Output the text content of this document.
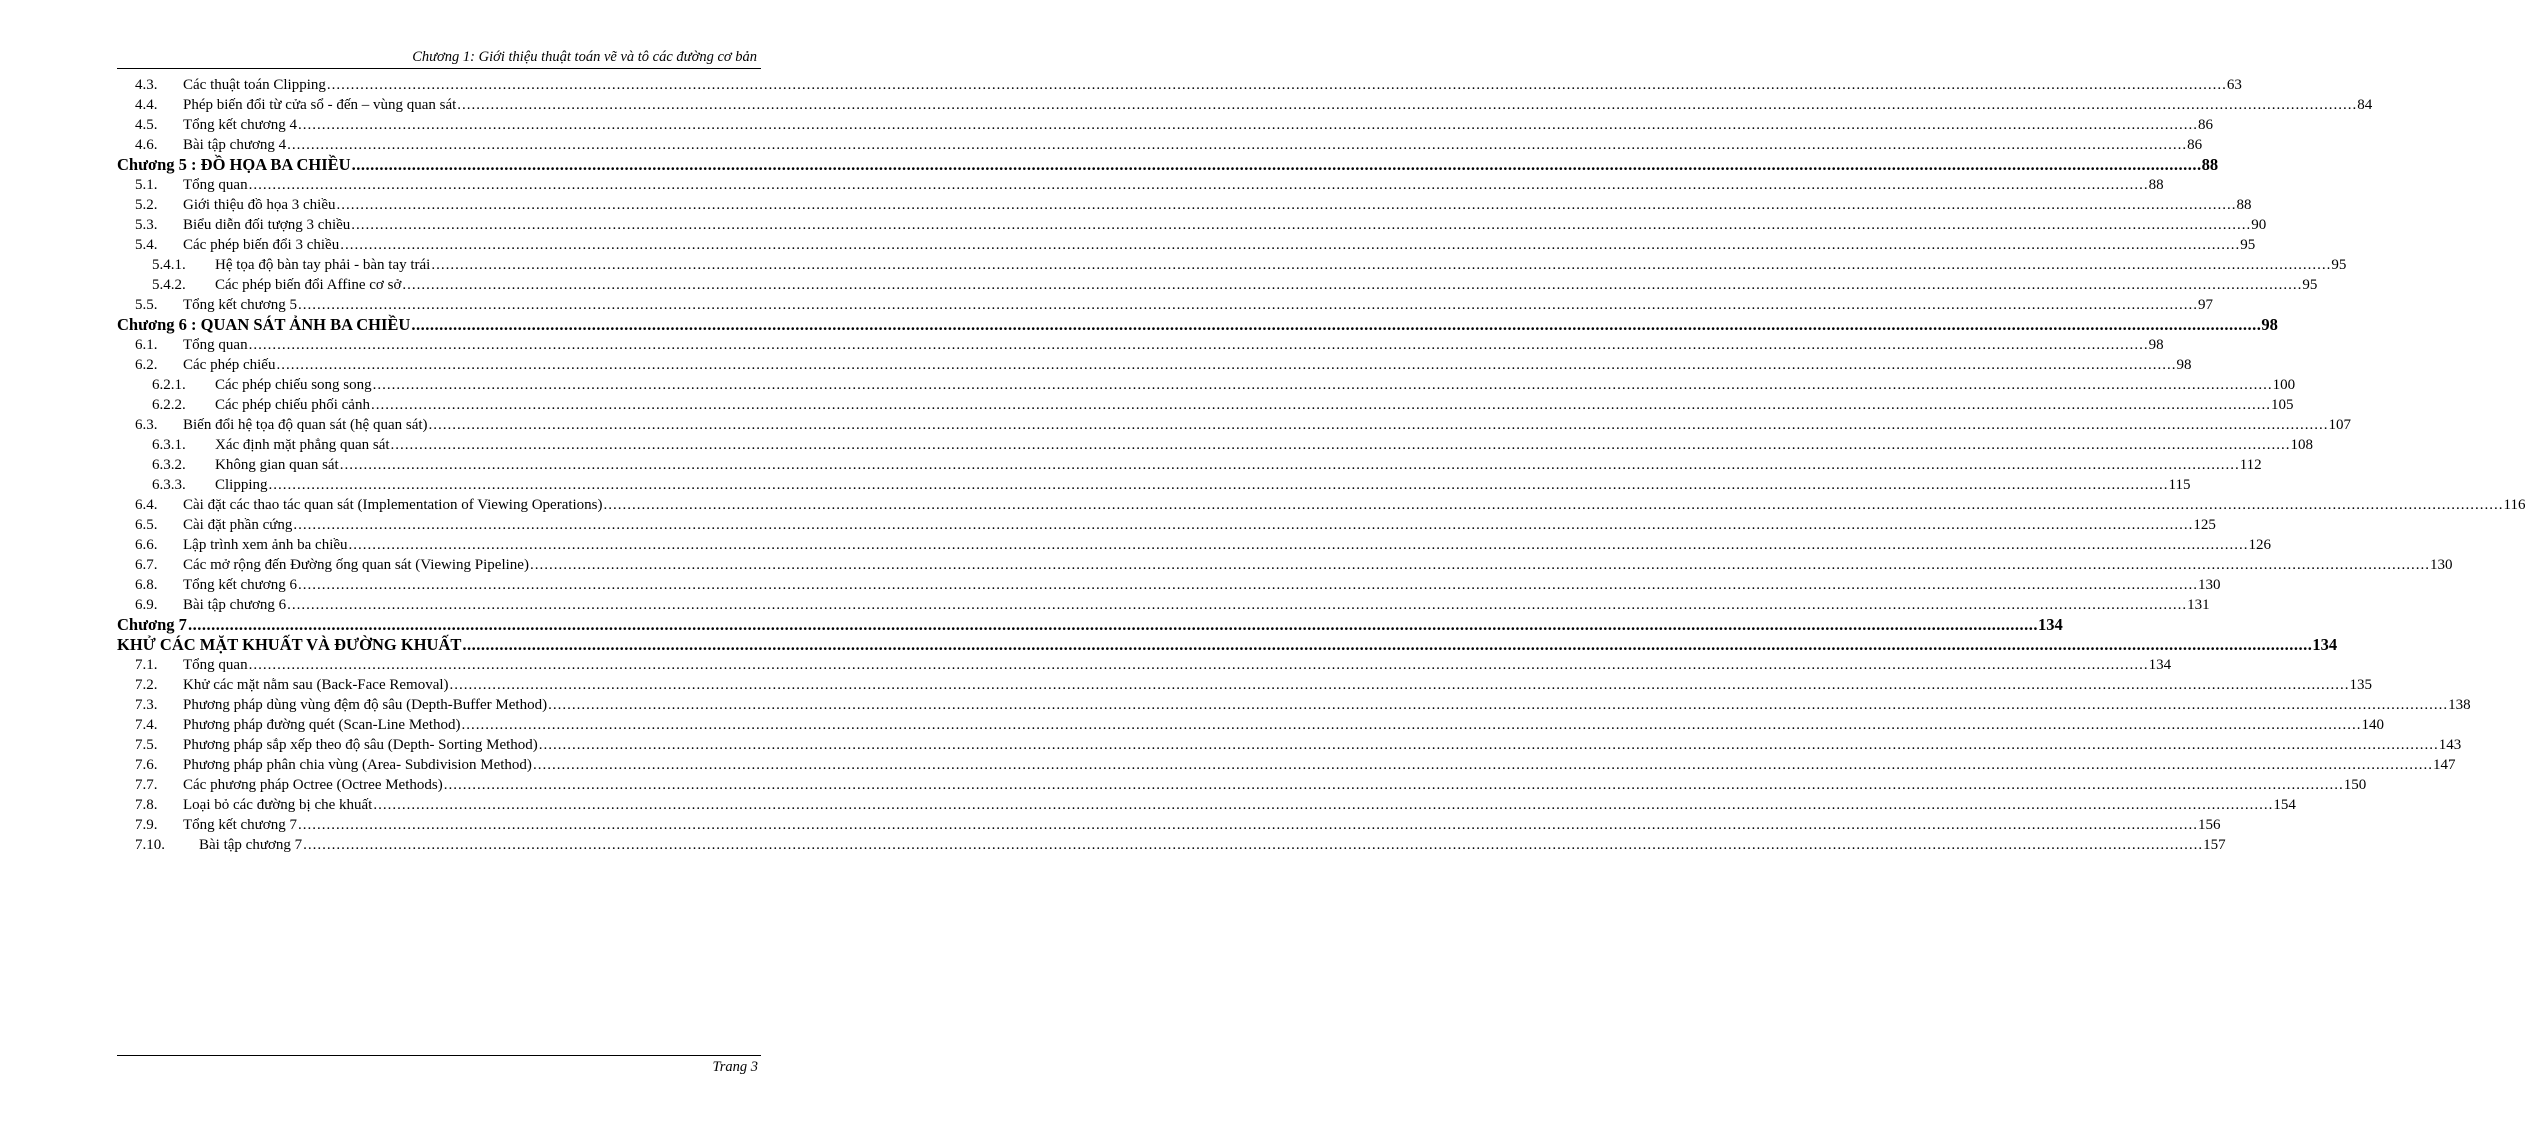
Chương 1: Giới thiệu thuật toán vẽ và tô các đường cơ bản
4.3. Các thuật toán Clipping ................................................................................................................................................................................................................................................................................................................................................................................................................ 63
4.4. Phép biến đổi từ cửa sổ - đến – vùng quan sát ................................................................................................................................................................................................................................................................................................................................................................................................................ 84
4.5. Tổng kết chương 4 ................................................................................................................................................................................................................................................................................................................................................................................................................ 86
4.6. Bài tập chương 4 ................................................................................................................................................................................................................................................................................................................................................................................................................ 86
Chương 5 : ĐỒ HỌA BA CHIỀU ................................................................................................................................................................................................................................................................................................................................................................................................................ 88
5.1. Tổng quan ................................................................................................................................................................................................................................................................................................................................................................................................................ 88
5.2. Giới thiệu đồ họa 3 chiều ................................................................................................................................................................................................................................................................................................................................................................................................................ 88
5.3. Biểu diễn đối tượng 3 chiều ................................................................................................................................................................................................................................................................................................................................................................................................................ 90
5.4. Các phép biến đổi 3 chiều ................................................................................................................................................................................................................................................................................................................................................................................................................ 95
5.4.1. Hệ tọa độ bàn tay phải - bàn tay trái ................................................................................................................................................................................................................................................................................................................................................................................................................ 95
5.4.2. Các phép biến đổi Affine cơ sở ................................................................................................................................................................................................................................................................................................................................................................................................................ 95
5.5. Tổng kết chương 5 ................................................................................................................................................................................................................................................................................................................................................................................................................ 97
Chương 6 : QUAN SÁT ẢNH BA CHIỀU ................................................................................................................................................................................................................................................................................................................................................................................................................ 98
6.1. Tổng quan ................................................................................................................................................................................................................................................................................................................................................................................................................ 98
6.2. Các phép chiếu ................................................................................................................................................................................................................................................................................................................................................................................................................ 98
6.2.1. Các phép chiếu song song ................................................................................................................................................................................................................................................................................................................................................................................................................ 100
6.2.2. Các phép chiếu phối cảnh ................................................................................................................................................................................................................................................................................................................................................................................................................ 105
6.3. Biến đổi hệ tọa độ quan sát (hệ quan sát) ................................................................................................................................................................................................................................................................................................................................................................................................................ 107
6.3.1. Xác định mặt phẳng quan sát ................................................................................................................................................................................................................................................................................................................................................................................................................ 108
6.3.2. Không gian quan sát ................................................................................................................................................................................................................................................................................................................................................................................................................ 112
6.3.3. Clipping ................................................................................................................................................................................................................................................................................................................................................................................................................ 115
6.4. Cài đặt các thao tác quan sát (Implementation of Viewing Operations) ................................................................................................................................................................................................................................................................................................................................................................................................................ 116
6.5. Cài đặt phần cứng ................................................................................................................................................................................................................................................................................................................................................................................................................ 125
6.6. Lập trình xem ảnh ba chiều ................................................................................................................................................................................................................................................................................................................................................................................................................ 126
6.7. Các mở rộng đến Đường ống quan sát (Viewing Pipeline) ................................................................................................................................................................................................................................................................................................................................................................................................................ 130
6.8. Tổng kết chương 6 ................................................................................................................................................................................................................................................................................................................................................................................................................ 130
6.9. Bài tập chương 6 ................................................................................................................................................................................................................................................................................................................................................................................................................ 131
Chương 7 ................................................................................................................................................................................................................................................................................................................................................................................................................ 134
KHỬ CÁC MẶT KHUẤT VÀ ĐƯỜNG KHUẤT ................................................................................................................................................................................................................................................................................................................................................................................................................ 134
7.1. Tổng quan ................................................................................................................................................................................................................................................................................................................................................................................................................ 134
7.2. Khử các mặt nằm sau (Back-Face Removal) ................................................................................................................................................................................................................................................................................................................................................................................................................ 135
7.3. Phương pháp dùng vùng đệm độ sâu (Depth-Buffer Method) ................................................................................................................................................................................................................................................................................................................................................................................................................ 138
7.4. Phương pháp đường quét (Scan-Line Method) ................................................................................................................................................................................................................................................................................................................................................................................................................ 140
7.5. Phương pháp sắp xếp theo độ sâu (Depth- Sorting Method) ................................................................................................................................................................................................................................................................................................................................................................................................................ 143
7.6. Phương pháp phân chia vùng (Area- Subdivision Method) ................................................................................................................................................................................................................................................................................................................................................................................................................ 147
7.7. Các phương pháp Octree (Octree Methods) ................................................................................................................................................................................................................................................................................................................................................................................................................ 150
7.8. Loại bỏ các đường bị che khuất ................................................................................................................................................................................................................................................................................................................................................................................................................ 154
7.9. Tổng kết chương 7 ................................................................................................................................................................................................................................................................................................................................................................................................................ 156
7.10. Bài tập chương 7 ................................................................................................................................................................................................................................................................................................................................................................................................................ 157
Trang 3
